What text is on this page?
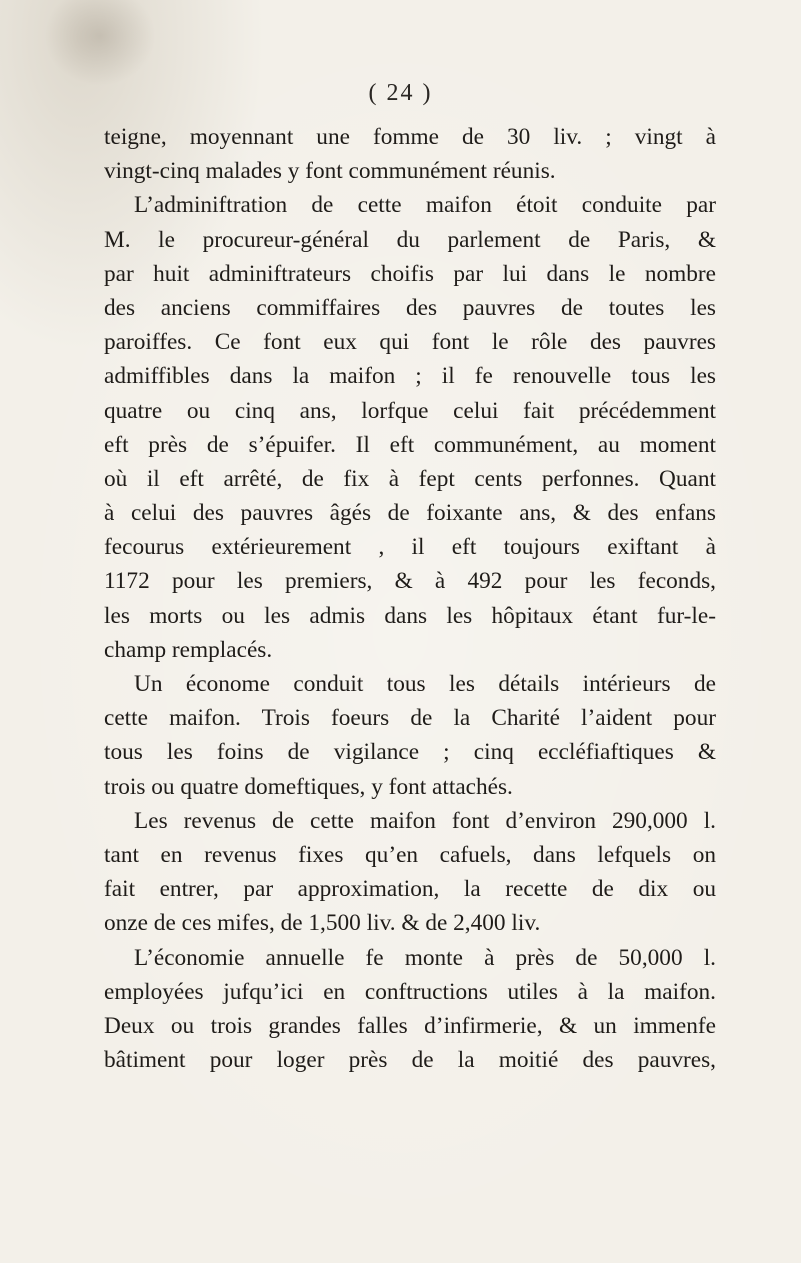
( 24 )
teigne, moyennant une fomme de 30 liv. ; vingt à
vingt-cinq malades y font communément réunis.
L’adminiftration de cette maifon étoit conduite par
M. le procureur-général du parlement de Paris, &
par huit adminiftrateurs choifis par lui dans le nombre
des anciens commiffaires des pauvres de toutes les
paroiffes. Ce font eux qui font le rôle des pauvres
admiffibles dans la maifon ; il fe renouvelle tous les
quatre ou cinq ans, lorfque celui fait précédemment
eft près de s’épuifer. Il eft communément, au moment
où il eft arrêté, de fix à fept cents perfonnes. Quant
à celui des pauvres âgés de foixante ans, & des enfans
fecourus extérieurement , il eft toujours exiftant à
1172 pour les premiers, & à 492 pour les feconds,
les morts ou les admis dans les hôpitaux étant fur-le-
champ remplacés.
Un économe conduit tous les détails intérieurs de
cette maifon. Trois foeurs de la Charité l’aident pour
tous les foins de vigilance ; cinq eccléfiaftiques &
trois ou quatre domeftiques, y font attachés.
Les revenus de cette maifon font d’environ 290,000 l.
tant en revenus fixes qu’en cafuels, dans lefquels on
fait entrer, par approximation, la recette de dix ou
onze de ces mifes, de 1,500 liv. & de 2,400 liv.
L’économie annuelle fe monte à près de 50,000 l.
employées jufqu’ici en conftructions utiles à la maifon.
Deux ou trois grandes falles d’infirmerie, & un immenfe
bâtiment pour loger près de la moitié des pauvres,
